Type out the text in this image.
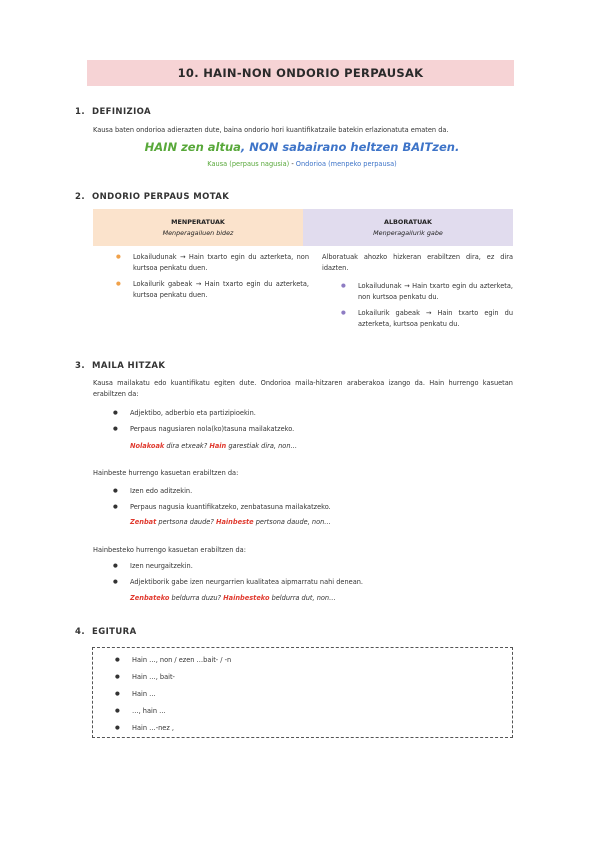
10. HAIN-NON ONDORIO PERPAUSAK
1. DEFINIZIOA
Kausa baten ondorioa adierazten dute, baina ondorio hori kuantifikatzaile batekin erlazionatuta ematen da.
HAIN zen altua, NON sabairano heltzen BAITzen.
Kausa (perpaus nagusia) - Ondorioa (menpeko perpausa)
2. ONDORIO PERPAUS MOTAK
MENPERATUAK
Menperagailuen bidez
ALBORATUAK
Menperagailurik gabe
● Lokailudunak → Hain txarto egin du azterketa, non kurtsoa penkatu duen.
● Lokailurik gabeak → Hain txarto egin du azterketa, kurtsoa penkatu duen.
Alboratuak ahozko hizkeran erabiltzen dira, ez dira idazten.
● Lokailudunak → Hain txarto egin du azterketa, non kurtsoa penkatu du.
● Lokailurik gabeak → Hain txarto egin du azterketa, kurtsoa penkatu du.
3. MAILA HITZAK
Kausa mailakatu edo kuantifikatu egiten dute. Ondorioa maila-hitzaren araberakoa izango da. Hain hurrengo kasuetan erabiltzen da:
● Adjektibo, adberbio eta partizipioekin.
● Perpaus nagusiaren nola(ko)tasuna mailakatzeko.
Nolakoak dira etxeak? Hain garestiak dira, non…
Hainbeste hurrengo kasuetan erabiltzen da:
● Izen edo aditzekin.
● Perpaus nagusia kuantifikatzeko, zenbatasuna mailakatzeko.
Zenbat pertsona daude? Hainbeste pertsona daude, non…
Hainbesteko hurrengo kasuetan erabiltzen da:
● Izen neurgaitzekin.
● Adjektiborik gabe izen neurgarrien kualitatea aipmarratu nahi denean.
Zenbateko beldurra duzu? Hainbesteko beldurra dut, non…
4. EGITURA
● Hain …, non / ezen …bait- / -n
● Hain …, bait-
● Hain …
● …, hain …
● Hain …-nez ,
